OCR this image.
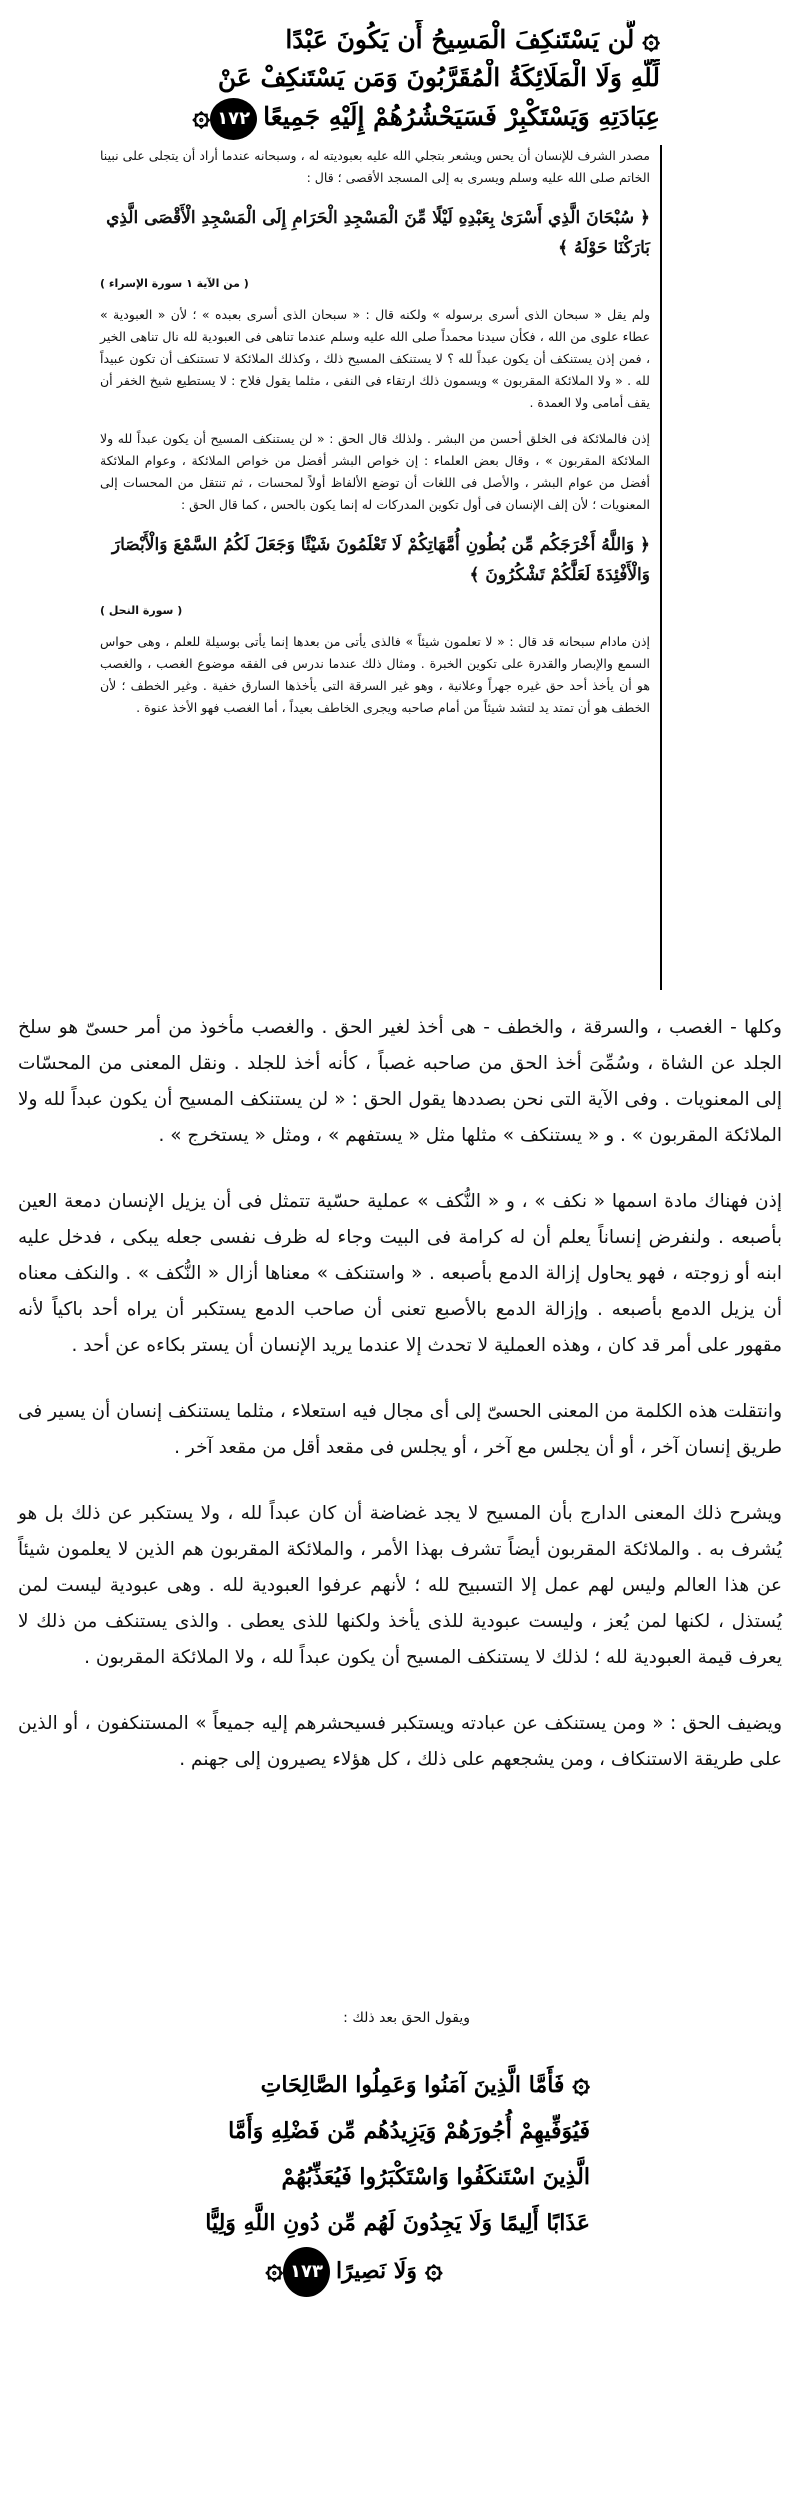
۞لَّن يَسْتَنكِفَ الْمَسِيحُ أَن يَكُونَ عَبْدًا
لِّلَّهِ وَلَا الْمَلَائِكَةُ الْمُقَرَّبُونَ وَمَن يَسْتَنكِفْ عَنْ
عِبَادَتِهِ وَيَسْتَكْبِرْ فَسَيَحْشُرُهُمْ إِلَيْهِ جَمِيعًا١٧٢۞

مصدر الشرف للإنسان أن يحس ويشعر بتجلي الله عليه بعبوديته له ، وسبحانه عندما أراد أن يتجلى على نبينا الخاتم صلى الله عليه وسلم ويسرى به إلى المسجد الأقصى ؛ قال :

﴿ سُبْحَانَ الَّذِي أَسْرَىٰ بِعَبْدِهِ لَيْلًا مِّنَ الْمَسْجِدِ الْحَرَامِ إِلَى الْمَسْجِدِ الْأَقْصَى الَّذِي بَارَكْنَا حَوْلَهُ ﴾

( من الآية ١ سورة الإسراء )

ولم يقل « سبحان الذى أسرى برسوله » ولكنه قال : « سبحان الذى أسرى بعبده » ؛ لأن « العبودية » عطاء علوى من الله ، فكأن سيدنا محمداً صلى الله عليه وسلم عندما تناهى فى العبودية لله نال تناهى الخير ، فمن إذن يستنكف أن يكون عبداً لله ؟ لا يستنكف المسيح ذلك ، وكذلك الملائكة لا تستنكف أن تكون عبيداً لله . « ولا الملائكة المقربون » ويسمون ذلك ارتقاء فى النفى ، مثلما يقول فلاح : لا يستطيع شيخ الخفر أن يقف أمامى ولا العمدة .

إذن فالملائكة فى الخلق أحسن من البشر . ولذلك قال الحق : « لن يستنكف المسيح أن يكون عبداً لله ولا الملائكة المقربون » ، وقال بعض العلماء : إن خواص البشر أفضل من خواص الملائكة ، وعوام الملائكة أفضل من عوام البشر ، والأصل فى اللغات أن توضع الألفاظ أولاً لمحسات ، ثم تنتقل من المحسات إلى المعنويات ؛ لأن إلف الإنسان فى أول تكوين المدركات له إنما يكون بالحس ، كما قال الحق :

﴿ وَاللَّهُ أَخْرَجَكُم مِّن بُطُونِ أُمَّهَاتِكُمْ لَا تَعْلَمُونَ شَيْئًا وَجَعَلَ لَكُمُ السَّمْعَ وَالْأَبْصَارَ وَالْأَفْئِدَةَ لَعَلَّكُمْ تَشْكُرُونَ ﴾

( سورة النحل )

إذن مادام سبحانه قد قال : « لا تعلمون شيئاً » فالذى يأتى من بعدها إنما يأتى بوسيلة للعلم ، وهى حواس السمع والإبصار والقدرة على تكوين الخبرة . ومثال ذلك عندما ندرس فى الفقه موضوع الغصب ، والغصب هو أن يأخذ أحد حق غيره جهراً وعلانية ، وهو غير السرقة التى يأخذها السارق خفية . وغير الخطف ؛ لأن الخطف هو أن تمتد يد لتشد شيئاً من أمام صاحبه ويجرى الخاطف بعيداً ، أما الغصب فهو الأخذ عنوة .

وكلها - الغصب ، والسرقة ، والخطف - هى أخذ لغير الحق . والغصب مأخوذ من أمر حسىّ هو سلخ الجلد عن الشاة ، وسُمِّىَ أخذ الحق من صاحبه غصباً ، كأنه أخذ للجلد . ونقل المعنى من المحسّات إلى المعنويات . وفى الآية التى نحن بصددها يقول الحق : « لن يستنكف المسيح أن يكون عبداً لله ولا الملائكة المقربون » . و « يستنكف » مثلها مثل « يستفهم » ، ومثل « يستخرج » .

إذن فهناك مادة اسمها « نكف » ، و « النُّكف » عملية حسّية تتمثل فى أن يزيل الإنسان دمعة العين بأصبعه . ولنفرض إنساناً يعلم أن له كرامة فى البيت وجاء له ظرف نفسى جعله يبكى ، فدخل عليه ابنه أو زوجته ، فهو يحاول إزالة الدمع بأصبعه . « واستنكف » معناها أزال « النُّكف » . والنكف معناه أن يزيل الدمع بأصبعه . وإزالة الدمع بالأصبع تعنى أن صاحب الدمع يستكبر أن يراه أحد باكياً لأنه مقهور على أمر قد كان ، وهذه العملية لا تحدث إلا عندما يريد الإنسان أن يستر بكاءه عن أحد .

وانتقلت هذه الكلمة من المعنى الحسىّ إلى أى مجال فيه استعلاء ، مثلما يستنكف إنسان أن يسير فى طريق إنسان آخر ، أو أن يجلس مع آخر ، أو يجلس فى مقعد أقل من مقعد آخر .

ويشرح ذلك المعنى الدارج بأن المسيح لا يجد غضاضة أن كان عبداً لله ، ولا يستكبر عن ذلك بل هو يُشرف به . والملائكة المقربون أيضاً تشرف بهذا الأمر ، والملائكة المقربون هم الذين لا يعلمون شيئاً عن هذا العالم وليس لهم عمل إلا التسبيح لله ؛ لأنهم عرفوا العبودية لله . وهى عبودية ليست لمن يُستذل ، لكنها لمن يُعز ، وليست عبودية للذى يأخذ ولكنها للذى يعطى . والذى يستنكف من ذلك لا يعرف قيمة العبودية لله ؛ لذلك لا يستنكف المسيح أن يكون عبداً لله ، ولا الملائكة المقربون .

ويضيف الحق : « ومن يستنكف عن عبادته ويستكبر فسيحشرهم إليه جميعاً » المستنكفون ، أو الذين على طريقة الاستنكاف ، ومن يشجعهم على ذلك ، كل هؤلاء يصيرون إلى جهنم .

ويقول الحق بعد ذلك :
۞فَأَمَّا الَّذِينَ آمَنُوا وَعَمِلُوا الصَّالِحَاتِ
فَيُوَفِّيهِمْ أُجُورَهُمْ وَيَزِيدُهُم مِّن فَضْلِهِ وَأَمَّا
الَّذِينَ اسْتَنكَفُوا وَاسْتَكْبَرُوا فَيُعَذِّبُهُمْ
عَذَابًا أَلِيمًا وَلَا يَجِدُونَ لَهُم مِّن دُونِ اللَّهِ وَلِيًّا
۞وَلَا نَصِيرًا١٧٣۞
